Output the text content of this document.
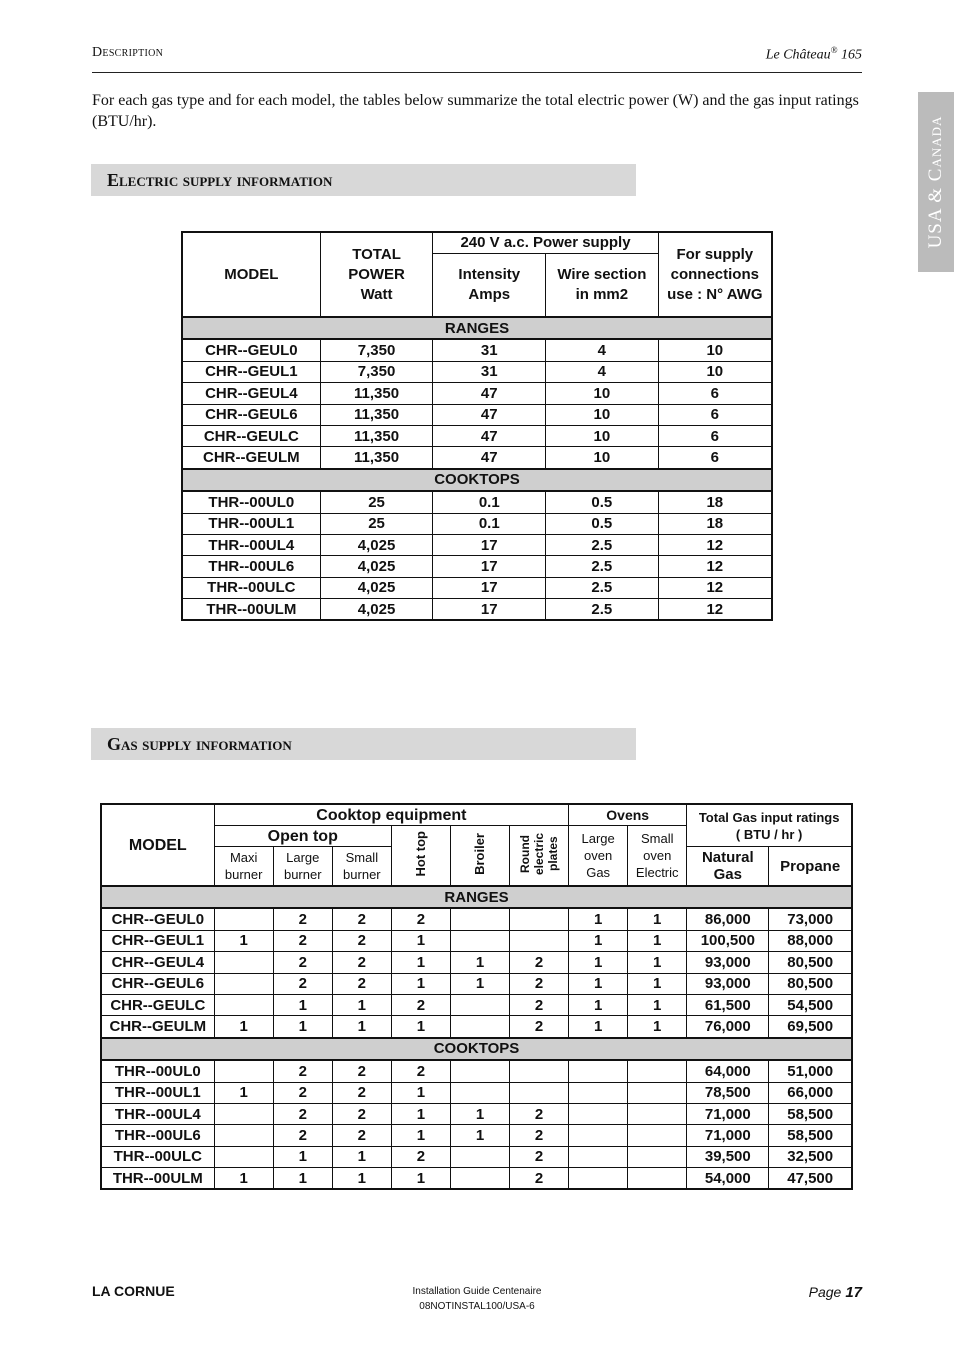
Description	Le Château® 165
USA & Canada

For each gas type and for each model, the tables below summarize the total electric power (W) and the gas input ratings (BTU/hr).

Electric supply information
MODEL	TOTAL POWER Watt	240 V a.c. Power supply		For supply connections use : N° AWG
		Intensity Amps	Wire section in mm2	
RANGES				
CHR--GEUL0	7,350	31	4	10
CHR--GEUL1	7,350	31	4	10
CHR--GEUL4	11,350	47	10	6
CHR--GEUL6	11,350	47	10	6
CHR--GEULC	11,350	47	10	6
CHR--GEULM	11,350	47	10	6
COOKTOPS				
THR--00UL0	25	0.1	0.5	18
THR--00UL1	25	0.1	0.5	18
THR--00UL4	4,025	17	2.5	12
THR--00UL6	4,025	17	2.5	12
THR--00ULC	4,025	17	2.5	12
THR--00ULM	4,025	17	2.5	12
Gas supply information
MODEL	Cooktop equipment						Ovens		Total Gas input ratings ( BTU / hr )	
	Open top			Hot top	Broiler	Round electric plates	Large oven Gas	Small oven Electric		
	Maxi burner	Large burner	Small burner						Natural Gas	Propane
RANGES										
CHR--GEUL0		2	2	2			1	1	86,000	73,000
CHR--GEUL1	1	2	2	1			1	1	100,500	88,000
CHR--GEUL4		2	2	1	1	2	1	1	93,000	80,500
CHR--GEUL6		2	2	1	1	2	1	1	93,000	80,500
CHR--GEULC		1	1	2		2	1	1	61,500	54,500
CHR--GEULM	1	1	1	1		2	1	1	76,000	69,500
COOKTOPS										
THR--00UL0		2	2	2					64,000	51,000
THR--00UL1	1	2	2	1					78,500	66,000
THR--00UL4		2	2	1	1	2			71,000	58,500
THR--00UL6		2	2	1	1	2			71,000	58,500
THR--00ULC		1	1	2		2			39,500	32,500
THR--00ULM	1	1	1	1		2			54,000	47,500
LA CORNUE	Installation Guide Centenaire
08NOTINSTAL100/USA-6
Page 17
